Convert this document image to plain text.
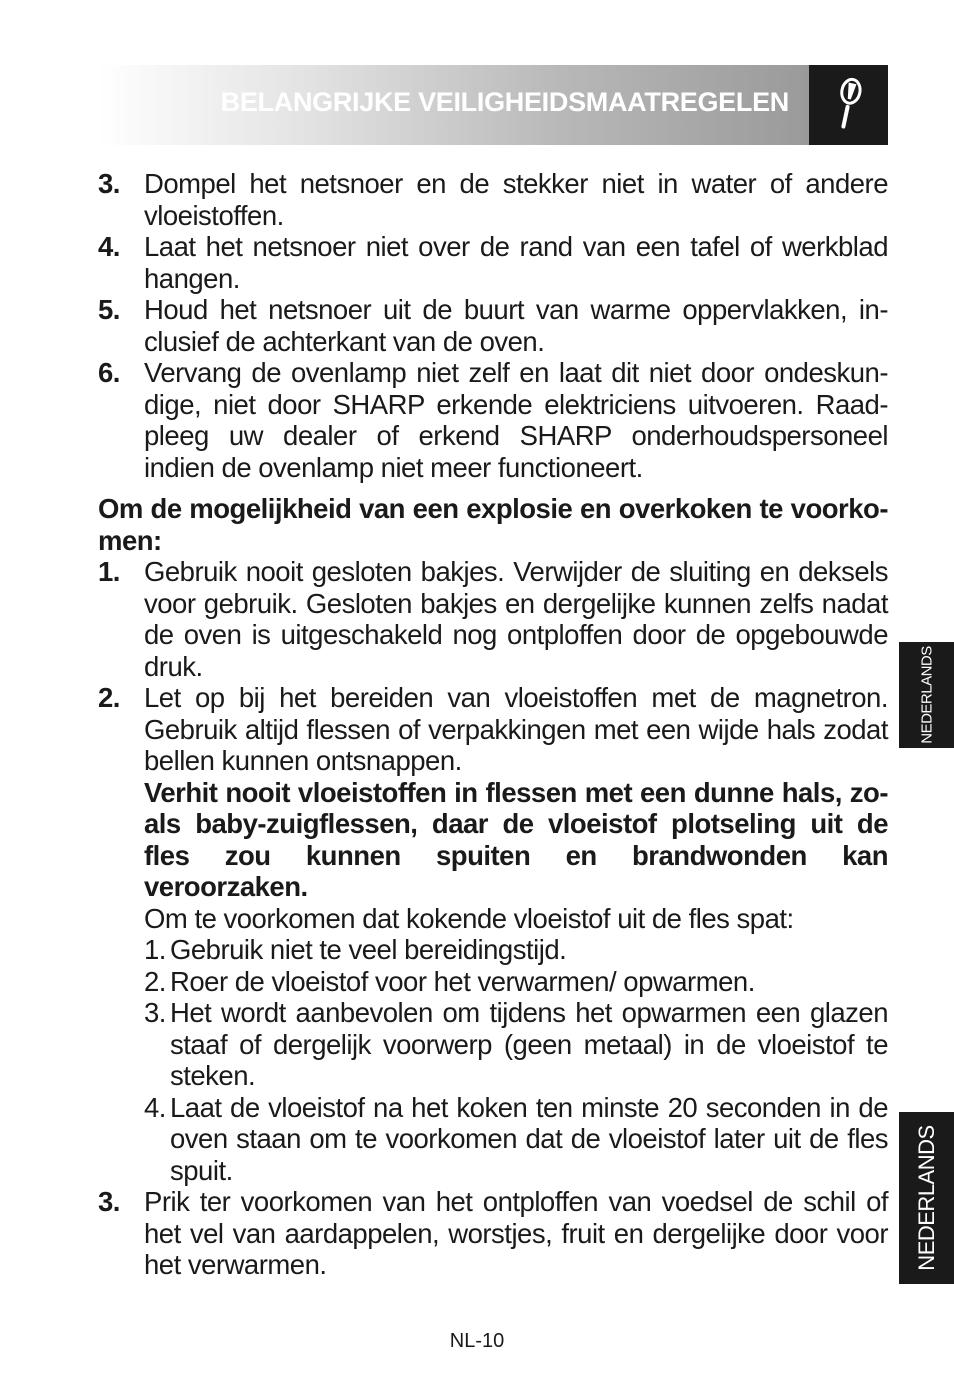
BELANGRIJKE VEILIGHEIDSMAATREGELEN
3. Dompel het netsnoer en de stekker niet in water of andere vloeistoffen.
4. Laat het netsnoer niet over de rand van een tafel of werkblad hangen.
5. Houd het netsnoer uit de buurt van warme oppervlakken, in-clusief de achterkant van de oven.
6. Vervang de ovenlamp niet zelf en laat dit niet door ondeskun-dige, niet door SHARP erkende elektriciens uitvoeren. Raad-pleeg uw dealer of erkend SHARP onderhoudspersoneel indien de ovenlamp niet meer functioneert.
Om de mogelijkheid van een explosie en overkoken te voorko-men:
1. Gebruik nooit gesloten bakjes. Verwijder de sluiting en deksels voor gebruik. Gesloten bakjes en dergelijke kunnen zelfs nadat de oven is uitgeschakeld nog ontploffen door de opgebouwde druk.
2. Let op bij het bereiden van vloeistoffen met de magnetron. Gebruik altijd flessen of verpakkingen met een wijde hals zodat bellen kunnen ontsnappen.
Verhit nooit vloeistoffen in flessen met een dunne hals, zo-als baby-zuigflessen, daar de vloeistof plotseling uit de fles zou kunnen spuiten en brandwonden kan veroorzaken.
Om te voorkomen dat kokende vloeistof uit de fles spat:
1. Gebruik niet te veel bereidingstijd.
2. Roer de vloeistof voor het verwarmen/ opwarmen.
3. Het wordt aanbevolen om tijdens het opwarmen een glazen staaf of dergelijk voorwerp (geen metaal) in de vloeistof te steken.
4. Laat de vloeistof na het koken ten minste 20 seconden in de oven staan om te voorkomen dat de vloeistof later uit de fles spuit.
3. Prik ter voorkomen van het ontploffen van voedsel de schil of het vel van aardappelen, worstjes, fruit en dergelijke door voor het verwarmen.
NEDERLANDS
NEDERLANDS
NL-10
